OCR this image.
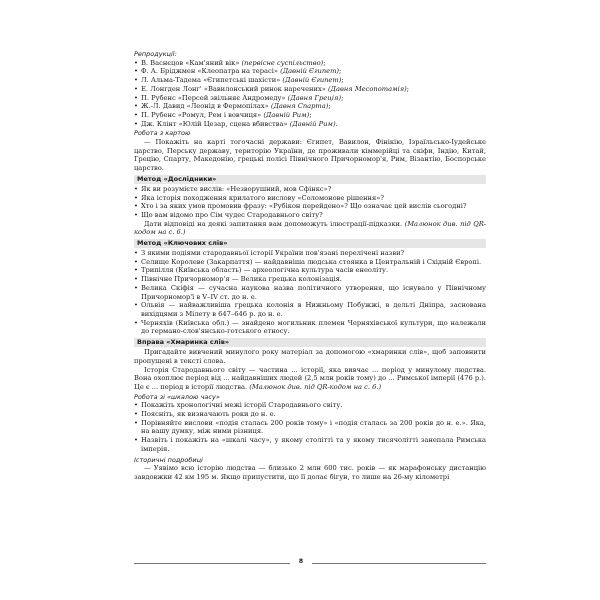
Репродукції:
• В. Васнєцов «Кам'яний вік» (первісне суспільство);
• Ф. А. Бріджмен «Клеопатра на терасі» (Давній Єгипет);
• Л. Альма-Тадема «Єгипетські шахісти» (Давній Єгипет);
• Е. Лонгден Лонг' «Вавилонський ринок наречених» (Давня Месопотамія);
• П. Рубенс «Персей звільняє Андромеду» (Давня Греція);
• Ж.-Л. Давид «Леонід в Фермопілах» (Давня Спарта);
• П. Рубенс «Ромул, Рем і вовчиця» (Давній Рим);
• Дж. Клінт «Юлій Цезар, сцена вбивства» (Давній Рим).
Робота з картою
— Покажіть на карті тогочасні держави: Єгипет, Вавилон, Фінікію, Ізраїльсько-Іудейське царство, Перську державу, територію України, де проживали кіммерійці та скіфи, Індію, Китай, Грецію, Спарту, Македонію, грецькі полісі Північного Причорномор'я, Рим, Візантію, Боспорське царство.
Метод «Дослідники»
• Як ви розумієте вислів: «Незворушний, мов Сфінкс»?
• Яка історія походження крилатого вислову «Соломонове рішення»?
• Хто і за яких умов промовив фразу: «Рубікон перейдено»? Що означає цей вислів сьогодні?
• Що вам відомо про Сім чудес Стародавнього світу?
Дати відповіді на деякі запитання вам допоможуть ілюстрації-підказки. (Малюнок див. під QR-кодом на с. 6.)
Метод «Ключових слів»
• З якими подіями стародавньої історії України пов'язані перелічені назви?
• Селище Королеве (Закарпаття) — найдавніша людська стоянка в Центральній і Східній Європі.
• Трипілля (Київська область) — археологічна культура часів енеоліту.
• Північне Причорномор'я — Велика грецька колонізація.
• Велика Скіфія — сучасна наукова назва політичного утворення, що існувало у Північному Причорномор'ї в V–IV ст. до н. е.
• Ольвія — найважливіша грецька колонія в Нижньому Побужжі, в дельті Дніпра, заснована вихідцями з Мілету в 647–646 р. до н. е.
• Черняхів (Київська обл.) — знайдено могильник племен Черняхівської культури, що належали до германо-слов'янсько-готського етносу.
Вправа «Хмаринка слів»
Пригадайте вивчений минулого року матеріал за допомогою «хмаринки слів», щоб заповнити пропущені в тексті слова.
Історія Стародавнього світу — частина ... історії, яка вивчає ... період у минулому людства. Вона охоплює період від ... найдавніших людей (2,5 млн років тому) до ... Римської імперії (476 р.). Це є ... період в історії людства. (Малюнок див. під QR-кодом на с. 6.)
Робота зі «шкалою часу»
• Покажіть хронологічні межі історії Стародавнього світу.
• Поясніть, як визначають роки до н. е.
• Порівняйте вислови «подія сталась 200 років тому» і «подія сталась за 200 років до н. е.». Яка, на вашу думку, між ними різниця.
• Назвіть і покажіть на «шкалі часу», у якому столітті та у якому тисячолітті занепала Римська імперія.
Історичні подробиці
— Уявімо всю історію людства — близько 2 млн 600 тис. років — як марафонську дистанцію завдовжки 42 км 195 м. Якщо припустити, що її долає бігун, то лише на 26-му кілометрі
8
